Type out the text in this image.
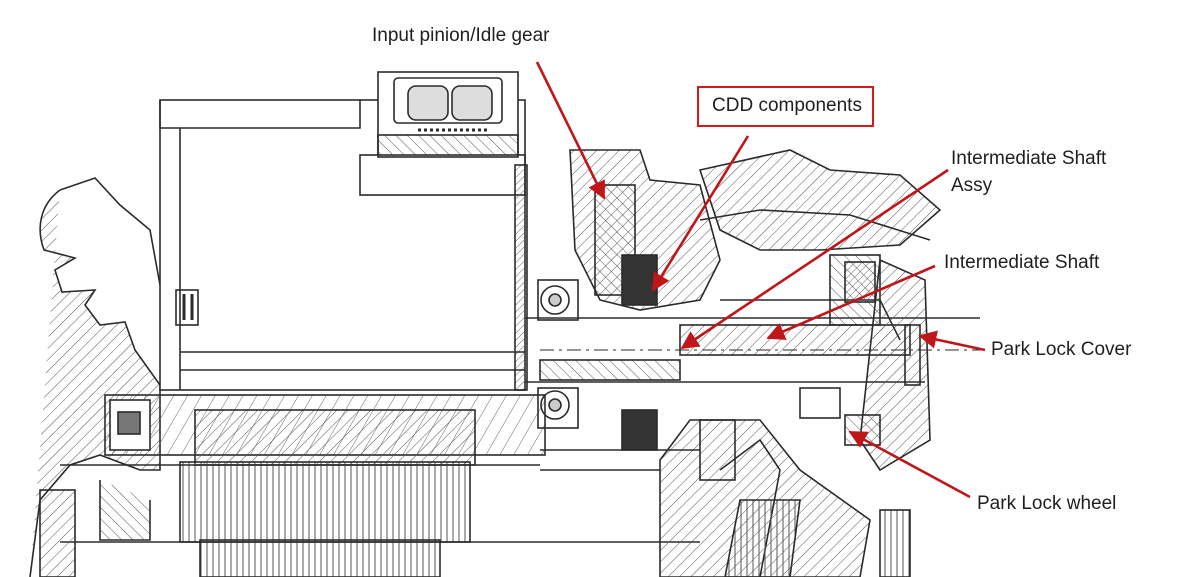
Input pinion/Idle gear
CDD components
Intermediate Shaft
Assy
Intermediate Shaft
Park Lock Cover
Park Lock wheel
